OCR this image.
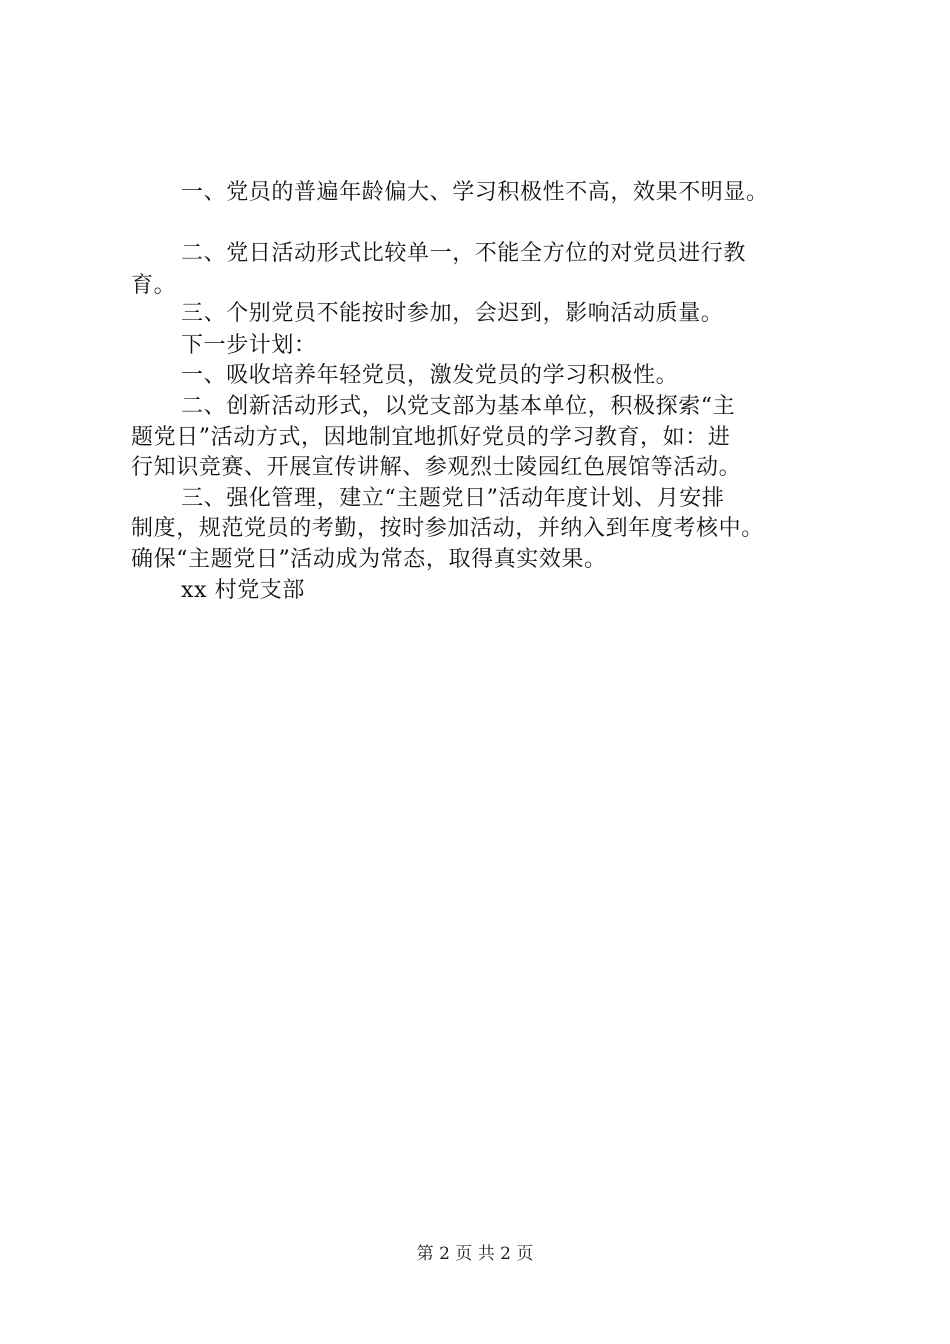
一、党员的普遍年龄偏大、学习积极性不高，效果不明显。
二、党日活动形式比较单一，不能全方位的对党员进行教
育。
三、个别党员不能按时参加，会迟到，影响活动质量。
下一步计划：
一、吸收培养年轻党员，激发党员的学习积极性。
二、创新活动形式，以党支部为基本单位，积极探索“主
题党日”活动方式，因地制宜地抓好党员的学习教育，如：进
行知识竞赛、开展宣传讲解、参观烈士陵园红色展馆等活动。
三、强化管理，建立“主题党日”活动年度计划、月安排
制度，规范党员的考勤，按时参加活动，并纳入到年度考核中。
确保“主题党日”活动成为常态，取得真实效果。
xx 村党支部
第 2 页 共 2 页
